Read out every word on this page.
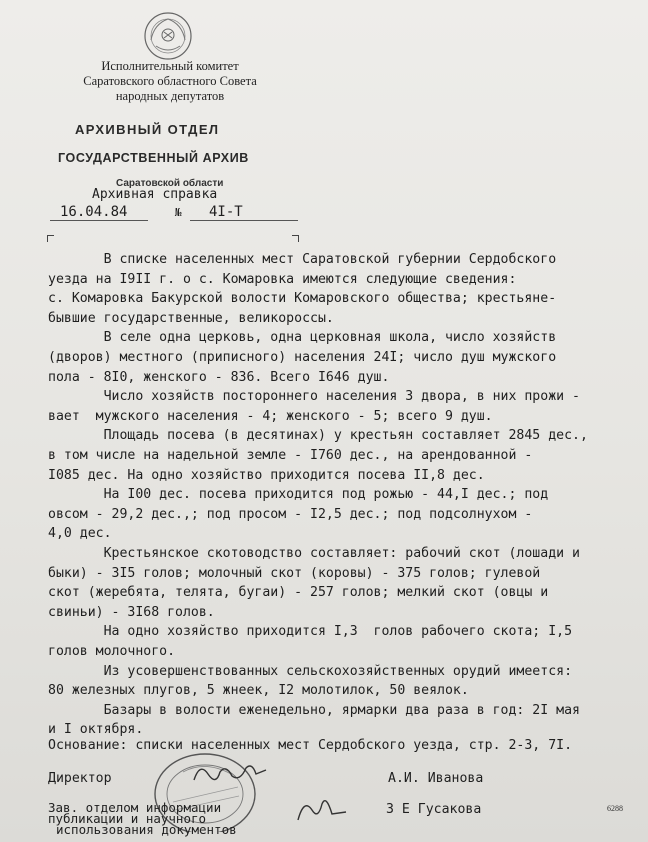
Исполнительный комитет
Саратовского областного Совета
народных депутатов
АРХИВНЫЙ ОТДЕЛ
ГОСУДАРСТВЕННЫЙ АРХИВ
Саратовской области
Архивная справка
16.04.84	№ 4I-Т
В списке населенных мест Саратовской губернии Сердобского
уезда на I9II г. о с. Комаровка имеются следующие сведения:
с. Комаровка Бакурской волости Комаровского общества; крестьяне-
бывшие государственные, великороссы.
В селе одна церковь, одна церковная школа, число хозяйств
(дворов) местного (приписного) населения 24I; число душ мужского
пола - 8I0, женского - 836. Всего I646 душ.
Число хозяйств постороннего населения 3 двора, в них прожи -
вает  мужского населения - 4; женского - 5; всего 9 душ.
Площадь посева (в десятинах) у крестьян составляет 2845 дес.,
в том числе на надельной земле - I760 дес., на арендованной -
I085 дес. На одно хозяйство приходится посева II,8 дес.
На I00 дес. посева приходится под рожью - 44,I дес.; под
овсом - 29,2 дес.,; под просом - I2,5 дес.; под подсолнухом -
4,0 дес.
Крестьянское скотоводство составляет: рабочий скот (лошади и
быки) - 3I5 голов; молочный скот (коровы) - 375 голов; гулевой
скот (жеребята, телята, бугаи) - 257 голов; мелкий скот (овцы и
свиньи) - 3I68 голов.
На одно хозяйство приходится I,3  голов рабочего скота; I,5
голов молочного.
Из усовершенствованных сельскохозяйственных орудий имеется:
80 железных плугов, 5 жнеек, I2 молотилок, 50 веялок.
Базары в волости еженедельно, ярмарки два раза в год: 2I мая
и I октября.
Основание: списки населенных мест Сердобского уезда, стр. 2-3, 7I.
Директор	А.И. Иванова
Зав. отделом информации
публикации и научного
использования документов
З Е Гусакова	6288
